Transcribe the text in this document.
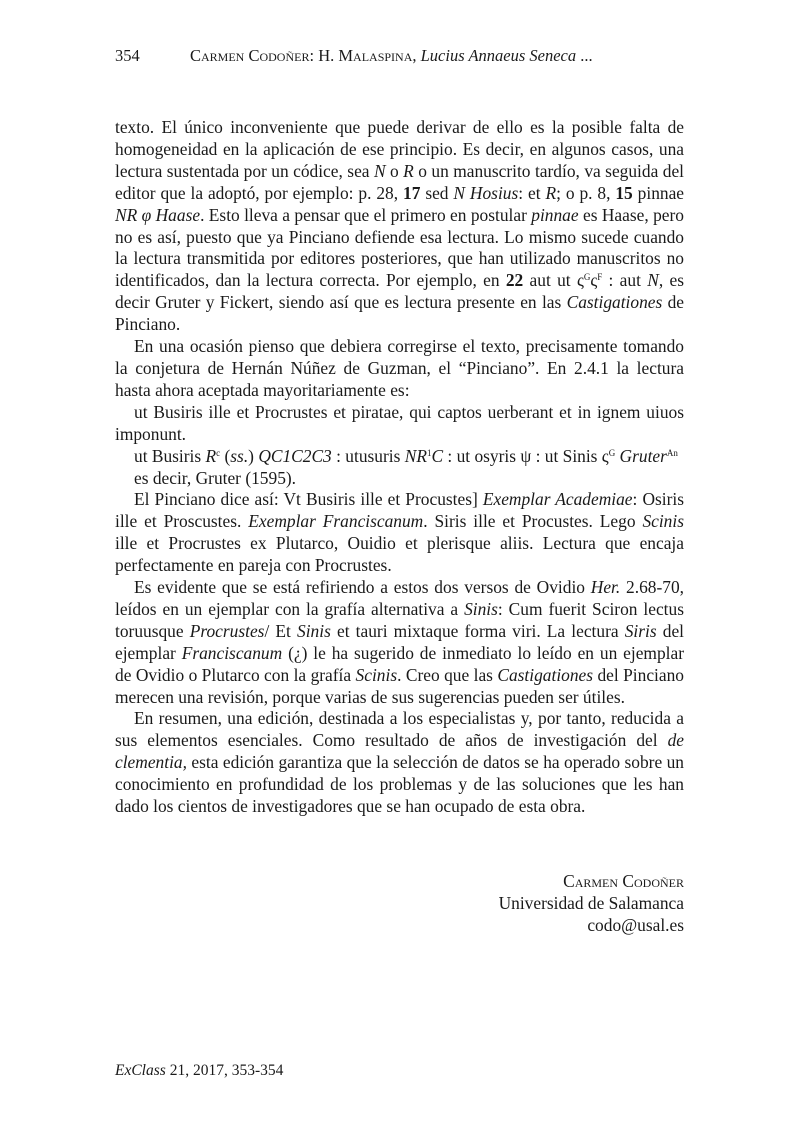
354	Carmen Codoñer: H. Malaspina, Lucius Annaeus Seneca ...

texto. El único inconveniente que puede derivar de ello es la posible falta de homogeneidad en la aplicación de ese principio. Es decir, en algunos casos, una lectura sustentada por un códice, sea N o R o un manuscrito tardío, va seguida del editor que la adoptó, por ejemplo: p. 28, 17 sed N Hosius: et R; o p. 8, 15 pinnae NR φ Haase. Esto lleva a pensar que el primero en postular pinnae es Haase, pero no es así, puesto que ya Pinciano defiende esa lectura. Lo mismo sucede cuando la lectura transmitida por editores posteriores, que han utilizado manuscritos no identificados, dan la lectura correcta. Por ejemplo, en 22 aut ut $\varsigma^G\varsigma^F$ : aut N, es decir Gruter y Fickert, siendo así que es lectura presente en las Castigationes de Pinciano.

En una ocasión pienso que debiera corregirse el texto, precisamente tomando la conjetura de Hernán Núñez de Guzman, el “Pinciano”. En 2.4.1 la lectura hasta ahora aceptada mayoritariamente es:

ut Busiris ille et Procrustes et piratae, qui captos uerberant et in ignem uiuos imponunt.

ut Busiris $R^c$ (ss.) QC1C2C3 : utusuris $NR^1C$ : ut osyris ψ : ut Sinis $\varsigma^G$ Gruter$^{An}$

es decir, Gruter (1595).

El Pinciano dice así: Vt Busiris ille et Procustes] Exemplar Academiae: Osiris ille et Proscustes. Exemplar Franciscanum. Siris ille et Procustes. Lego Scinis ille et Procrustes ex Plutarco, Ouidio et plerisque aliis. Lectura que encaja perfectamente en pareja con Procrustes.

Es evidente que se está refiriendo a estos dos versos de Ovidio Her. 2.68-70, leídos en un ejemplar con la grafía alternativa a Sinis: Cum fuerit Sciron lectus toruusque Procrustes/ Et Sinis et tauri mixtaque forma viri. La lectura Siris del ejemplar Franciscanum (¿) le ha sugerido de inmediato lo leído en un ejemplar de Ovidio o Plutarco con la grafía Scinis. Creo que las Castigationes del Pinciano merecen una revisión, porque varias de sus sugerencias pueden ser útiles.

En resumen, una edición, destinada a los especialistas y, por tanto, reducida a sus elementos esenciales. Como resultado de años de investigación del de clementia, esta edición garantiza que la selección de datos se ha operado sobre un conocimiento en profundidad de los problemas y de las soluciones que les han dado los cientos de investigadores que se han ocupado de esta obra.

Carmen Codoñer
Universidad de Salamanca
codo@usal.es
ExClass 21, 2017, 353-354
